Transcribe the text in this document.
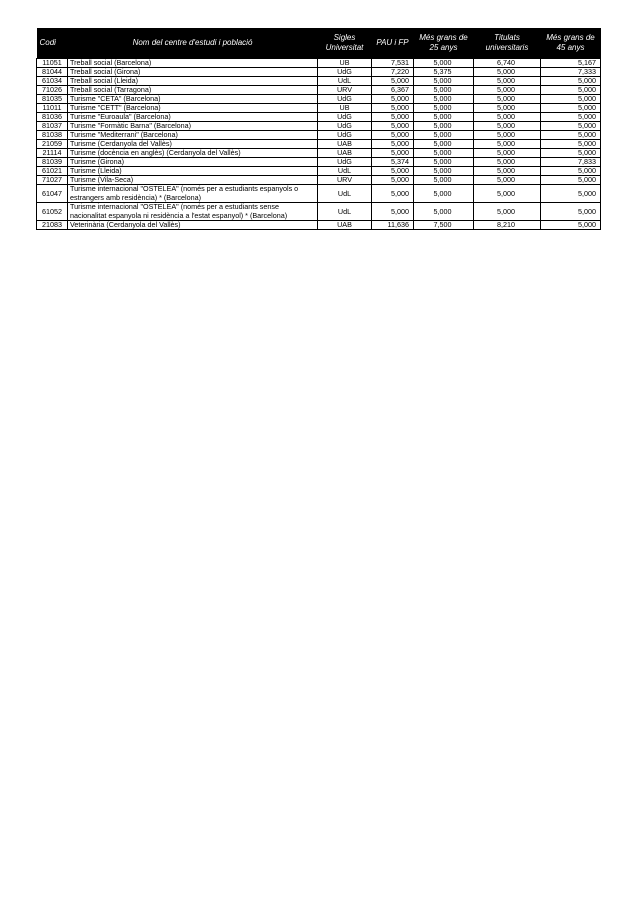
Codi	Nom del centre d'estudi i població	Sigles Universitat	PAU i FP	Més grans de 25 anys	Titulats universitaris	Més grans de 45 anys
11051	Treball social (Barcelona)	UB	7,531	5,000	6,740	5,167
81044	Treball social (Girona)	UdG	7,220	5,375	5,000	7,333
61034	Treball social (Lleida)	UdL	5,000	5,000	5,000	5,000
71026	Treball social (Tarragona)	URV	6,367	5,000	5,000	5,000
81035	Turisme "CETA" (Barcelona)	UdG	5,000	5,000	5,000	5,000
11011	Turisme "CETT" (Barcelona)	UB	5,000	5,000	5,000	5,000
81036	Turisme "Euroaula" (Barcelona)	UdG	5,000	5,000	5,000	5,000
81037	Turisme "Formàtic Barna" (Barcelona)	UdG	5,000	5,000	5,000	5,000
81038	Turisme "Mediterrani" (Barcelona)	UdG	5,000	5,000	5,000	5,000
21059	Turisme (Cerdanyola del Vallès)	UAB	5,000	5,000	5,000	5,000
21114	Turisme (docència en anglès) (Cerdanyola del Vallès)	UAB	5,000	5,000	5,000	5,000
81039	Turisme (Girona)	UdG	5,374	5,000	5,000	7,833
61021	Turisme (Lleida)	UdL	5,000	5,000	5,000	5,000
71027	Turisme (Vila-Seca)	URV	5,000	5,000	5,000	5,000
61047	Turisme internacional "OSTELEA" (només per a estudiants espanyols o estrangers amb residència) * (Barcelona)	UdL	5,000	5,000	5,000	5,000
61052	Turisme internacional "OSTELEA" (només per a estudiants sense nacionalitat espanyola ni residència a l'estat espanyol) * (Barcelona)	UdL	5,000	5,000	5,000	5,000
21083	Veterinària (Cerdanyola del Vallès)	UAB	11,636	7,500	8,210	5,000
